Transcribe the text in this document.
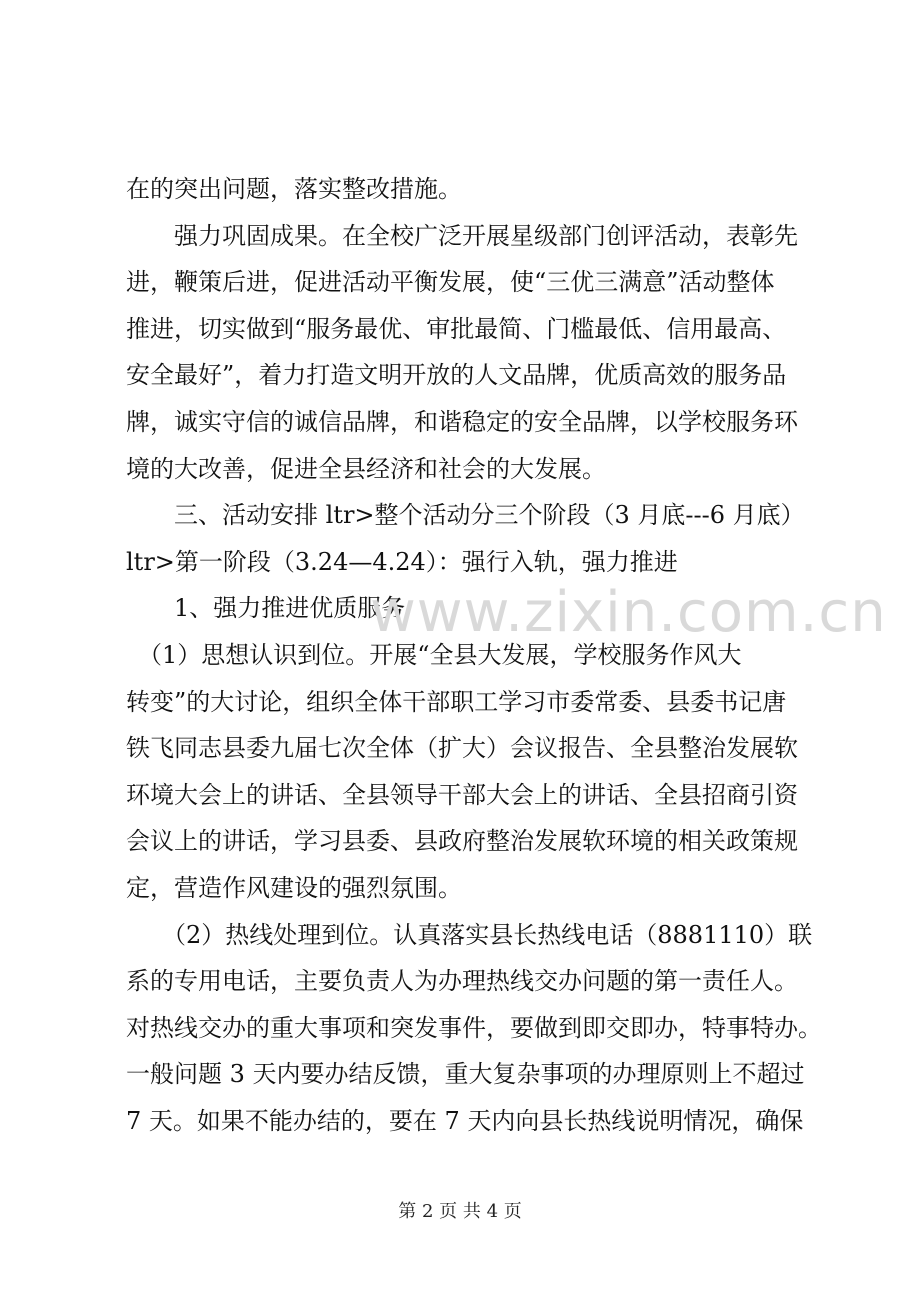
在的突出问题，落实整改措施。
　　强力巩固成果。在全校广泛开展星级部门创评活动，表彰先
进，鞭策后进，促进活动平衡发展，使“三优三满意”活动整体
推进，切实做到“服务最优、审批最简、门槛最低、信用最高、
安全最好”，着力打造文明开放的人文品牌，优质高效的服务品
牌，诚实守信的诚信品牌，和谐稳定的安全品牌，以学校服务环
境的大改善，促进全县经济和社会的大发展。
　　三、活动安排 ltr>整个活动分三个阶段（3 月底---6 月底）
ltr>第一阶段（3.24—4.24）：强行入轨，强力推进
　　1、强力推进优质服务
　（1）思想认识到位。开展“全县大发展，学校服务作风大
转变”的大讨论，组织全体干部职工学习市委常委、县委书记唐
铁飞同志县委九届七次全体（扩大）会议报告、全县整治发展软
环境大会上的讲话、全县领导干部大会上的讲话、全县招商引资
会议上的讲话，学习县委、县政府整治发展软环境的相关政策规
定，营造作风建设的强烈氛围。
　　（2）热线处理到位。认真落实县长热线电话（8881110）联
系的专用电话，主要负责人为办理热线交办问题的第一责任人。
对热线交办的重大事项和突发事件，要做到即交即办，特事特办。
一般问题 3 天内要办结反馈，重大复杂事项的办理原则上不超过
7 天。如果不能办结的，要在 7 天内向县长热线说明情况，确保
www.zixin.com.cn
第 2 页 共 4 页
